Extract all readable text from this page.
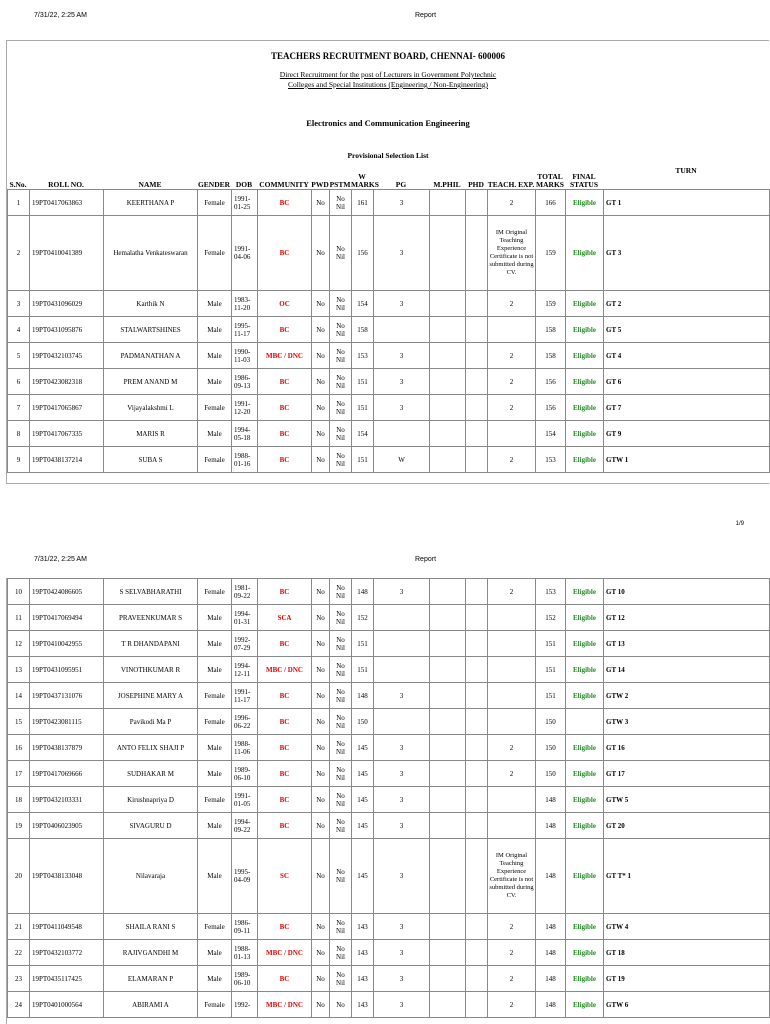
7/31/22, 2:25 AM	Report
TEACHERS RECRUITMENT BOARD, CHENNAI- 600006
Direct Recruitment for the post of Lecturers in Government Polytechnic
Colleges and Special Institutions (Engineering / Non-Engineering)
Electronics and Communication Engineering
Provisional Selection List
S.No.	ROLL NO.	NAME	GENDER	DOB	COMMUNITY	PWD	PSTM	W MARKS	PG	M.PHIL	PHD	TEACH. EXP.	TOTAL MARKS	FINAL STATUS	TURN
1	19PT0417063863	KEERTHANA P	Female	1991-01-25	BC	No	No Nil	161	3			2	166	Eligible	GT 1
2	19PT0410041389	Hemalatha Venkateswaran	Female	1991-04-06	BC	No	No Nil	156	3			IM Original Teaching Experience Certificate is not submitted during CV.	159	Eligible	GT 3
3	19PT0431096029	Karthik N	Male	1983-11-20	OC	No	No Nil	154	3			2	159	Eligible	GT 2
4	19PT0431095876	STALWARTSHINES	Male	1995-11-17	BC	No	No Nil	158					158	Eligible	GT 5
5	19PT0432103745	PADMANATHAN A	Male	1990-11-03	MBC / DNC	No	No Nil	153	3			2	158	Eligible	GT 4
6	19PT0423082318	PREM ANAND M	Male	1986-09-13	BC	No	No Nil	151	3			2	156	Eligible	GT 6
7	19PT0417065867	Vijayalakshmi L	Female	1991-12-20	BC	No	No Nil	151	3			2	156	Eligible	GT 7
8	19PT0417067335	MARIS R	Male	1994-05-18	BC	No	No Nil	154					154	Eligible	GT 9
9	19PT0438137214	SUBA S	Female	1988-01-16	BC	No	No Nil	151	W			2	153	Eligible	GTW 1
1/9
7/31/22, 2:25 AM	Report
10	19PT0424086605	S SELVABHARATHI	Female	1981-09-22	BC	No	No Nil	148	3			2	153	Eligible	GT 10
11	19PT0417069494	PRAVEENKUMAR S	Male	1994-01-31	SCA	No	No Nil	152					152	Eligible	GT 12
12	19PT0410042955	T R DHANDAPANI	Male	1992-07-29	BC	No	No Nil	151					151	Eligible	GT 13
13	19PT0431095951	VINOTHKUMAR R	Male	1994-12-11	MBC / DNC	No	No Nil	151					151	Eligible	GT 14
14	19PT0437131076	JOSEPHINE MARY A	Female	1991-11-17	BC	No	No Nil	148	3				151	Eligible	GTW 2
15	19PT0423081115	Pavikodi Ma P	Female	1996-06-22	BC	No	No Nil	150					150		GTW 3
16	19PT0438137879	ANTO FELIX SHAJI P	Male	1988-11-06	BC	No	No Nil	145	3			2	150	Eligible	GT 16
17	19PT0417069666	SUDHAKAR M	Male	1989-06-10	BC	No	No Nil	145	3			2	150	Eligible	GT 17
18	19PT0432103331	Kirushnapriya D	Female	1991-01-05	BC	No	No Nil	145	3				148	Eligible	GTW 5
19	19PT0406023905	SIVAGURU D	Male	1994-09-22	BC	No	No Nil	145	3				148	Eligible	GT 20
20	19PT0438133048	Nilavaraja	Male	1995-04-09	SC	No	No Nil	145	3			IM Original Teaching Experience Certificate is not submitted during CV.	148	Eligible	GT T* 1
21	19PT0411049548	SHAILA RANI S	Female	1986-09-11	BC	No	No Nil	143	3			2	148	Eligible	GTW 4
22	19PT0432103772	RAJIVGANDHI M	Male	1988-01-13	MBC / DNC	No	No Nil	143	3			2	148	Eligible	GT 18
23	19PT0435117425	ELAMARAN P	Male	1989-06-10	BC	No	No Nil	143	3			2	148	Eligible	GT 19
24	19PT0401000564	ABIRAMI A	Female	1992-	MBC / DNC	No	No	143	3			2	148	Eligible	GTW 6
